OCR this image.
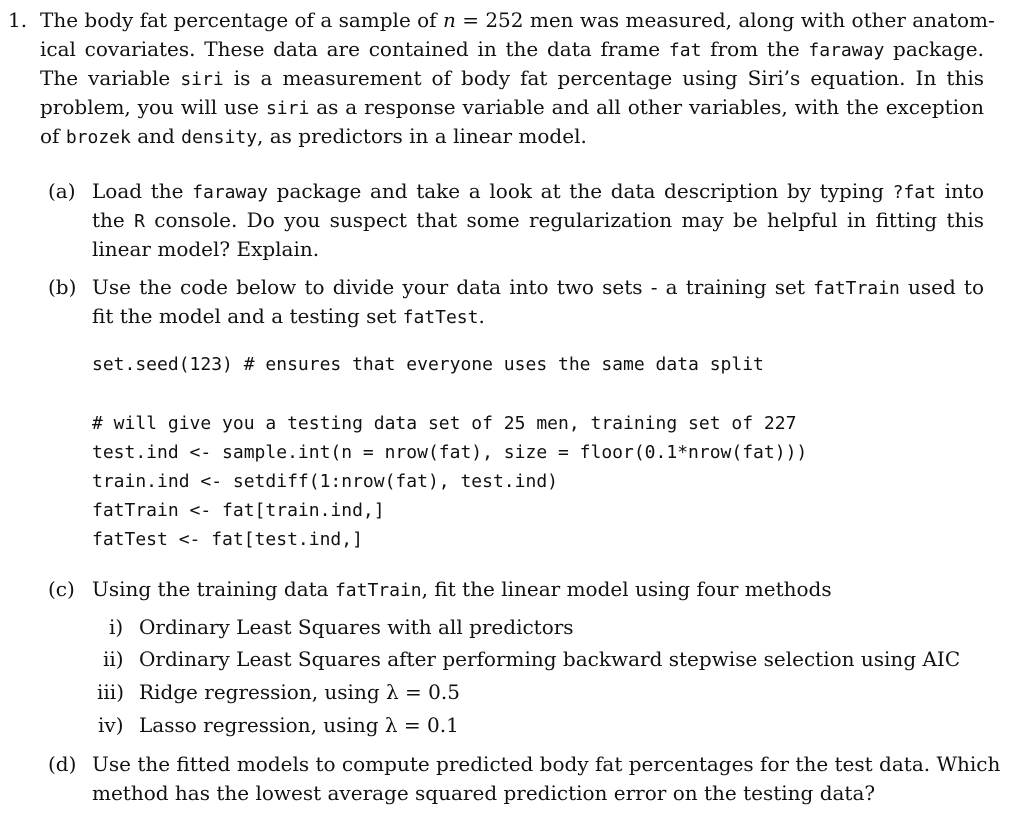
1. The body fat percentage of a sample of n = 252 men was measured, along with other anatom-
ical covariates. These data are contained in the data frame fat from the faraway package.
The variable siri is a measurement of body fat percentage using Siri’s equation. In this
problem, you will use siri as a response variable and all other variables, with the exception
of brozek and density, as predictors in a linear model.
(a) Load the faraway package and take a look at the data description by typing ?fat into
the R console. Do you suspect that some regularization may be helpful in fitting this
linear model? Explain.
(b) Use the code below to divide your data into two sets - a training set fatTrain used to
fit the model and a testing set fatTest.
set.seed(123) # ensures that everyone uses the same data split
# will give you a testing data set of 25 men, training set of 227
test.ind <- sample.int(n = nrow(fat), size = floor(0.1*nrow(fat)))
train.ind <- setdiff(1:nrow(fat), test.ind)
fatTrain <- fat[train.ind,]
fatTest <- fat[test.ind,]
(c) Using the training data fatTrain, fit the linear model using four methods
i) Ordinary Least Squares with all predictors
ii) Ordinary Least Squares after performing backward stepwise selection using AIC
iii) Ridge regression, using λ = 0.5
iv) Lasso regression, using λ = 0.1
(d) Use the fitted models to compute predicted body fat percentages for the test data. Which
method has the lowest average squared prediction error on the testing data?
